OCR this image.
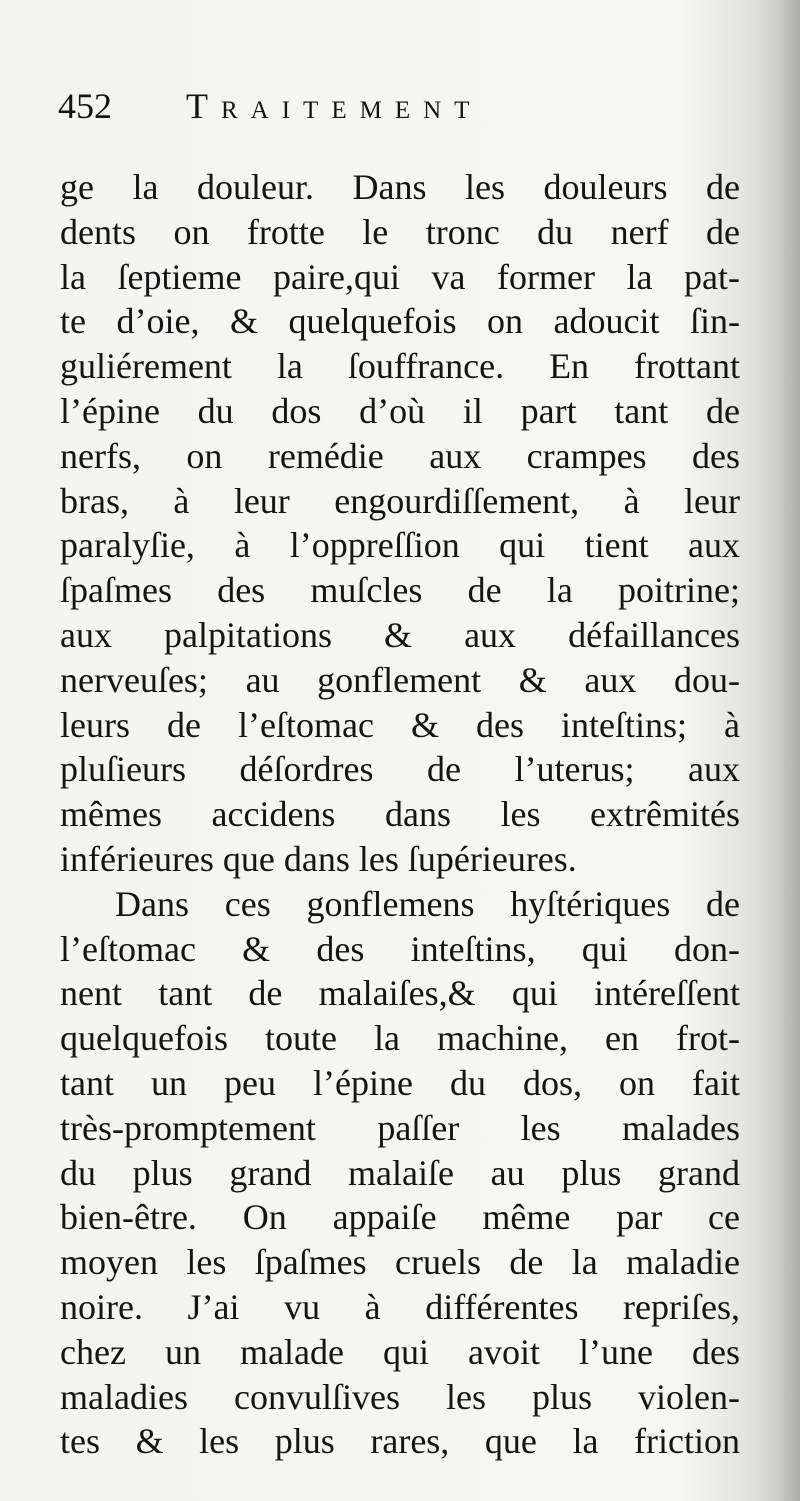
452 Traitement
ge la douleur. Dans les douleurs de
dents on frotte le tronc du nerf de
la ſeptieme paire,qui va former la pat-
te d’oie, & quelquefois on adoucit ſin-
guliérement la ſouffrance. En frottant
l’épine du dos d’où il part tant de
nerfs, on remédie aux crampes des
bras, à leur engourdiſſement, à leur
paralyſie, à l’oppreſſion qui tient aux
ſpaſmes des muſcles de la poitrine;
aux palpitations & aux défaillances
nerveuſes; au gonflement & aux dou-
leurs de l’eſtomac & des inteſtins; à
pluſieurs déſordres de l’uterus; aux
mêmes accidens dans les extrêmités
inférieures que dans les ſupérieures.
Dans ces gonflemens hyſtériques de
l’eſtomac & des inteſtins, qui don-
nent tant de malaiſes,& qui intéreſſent
quelquefois toute la machine, en frot-
tant un peu l’épine du dos, on fait
très-promptement paſſer les malades
du plus grand malaiſe au plus grand
bien-être. On appaiſe même par ce
moyen les ſpaſmes cruels de la maladie
noire. J’ai vu à différentes repriſes,
chez un malade qui avoit l’une des
maladies convulſives les plus violen-
tes & les plus rares, que la friction
